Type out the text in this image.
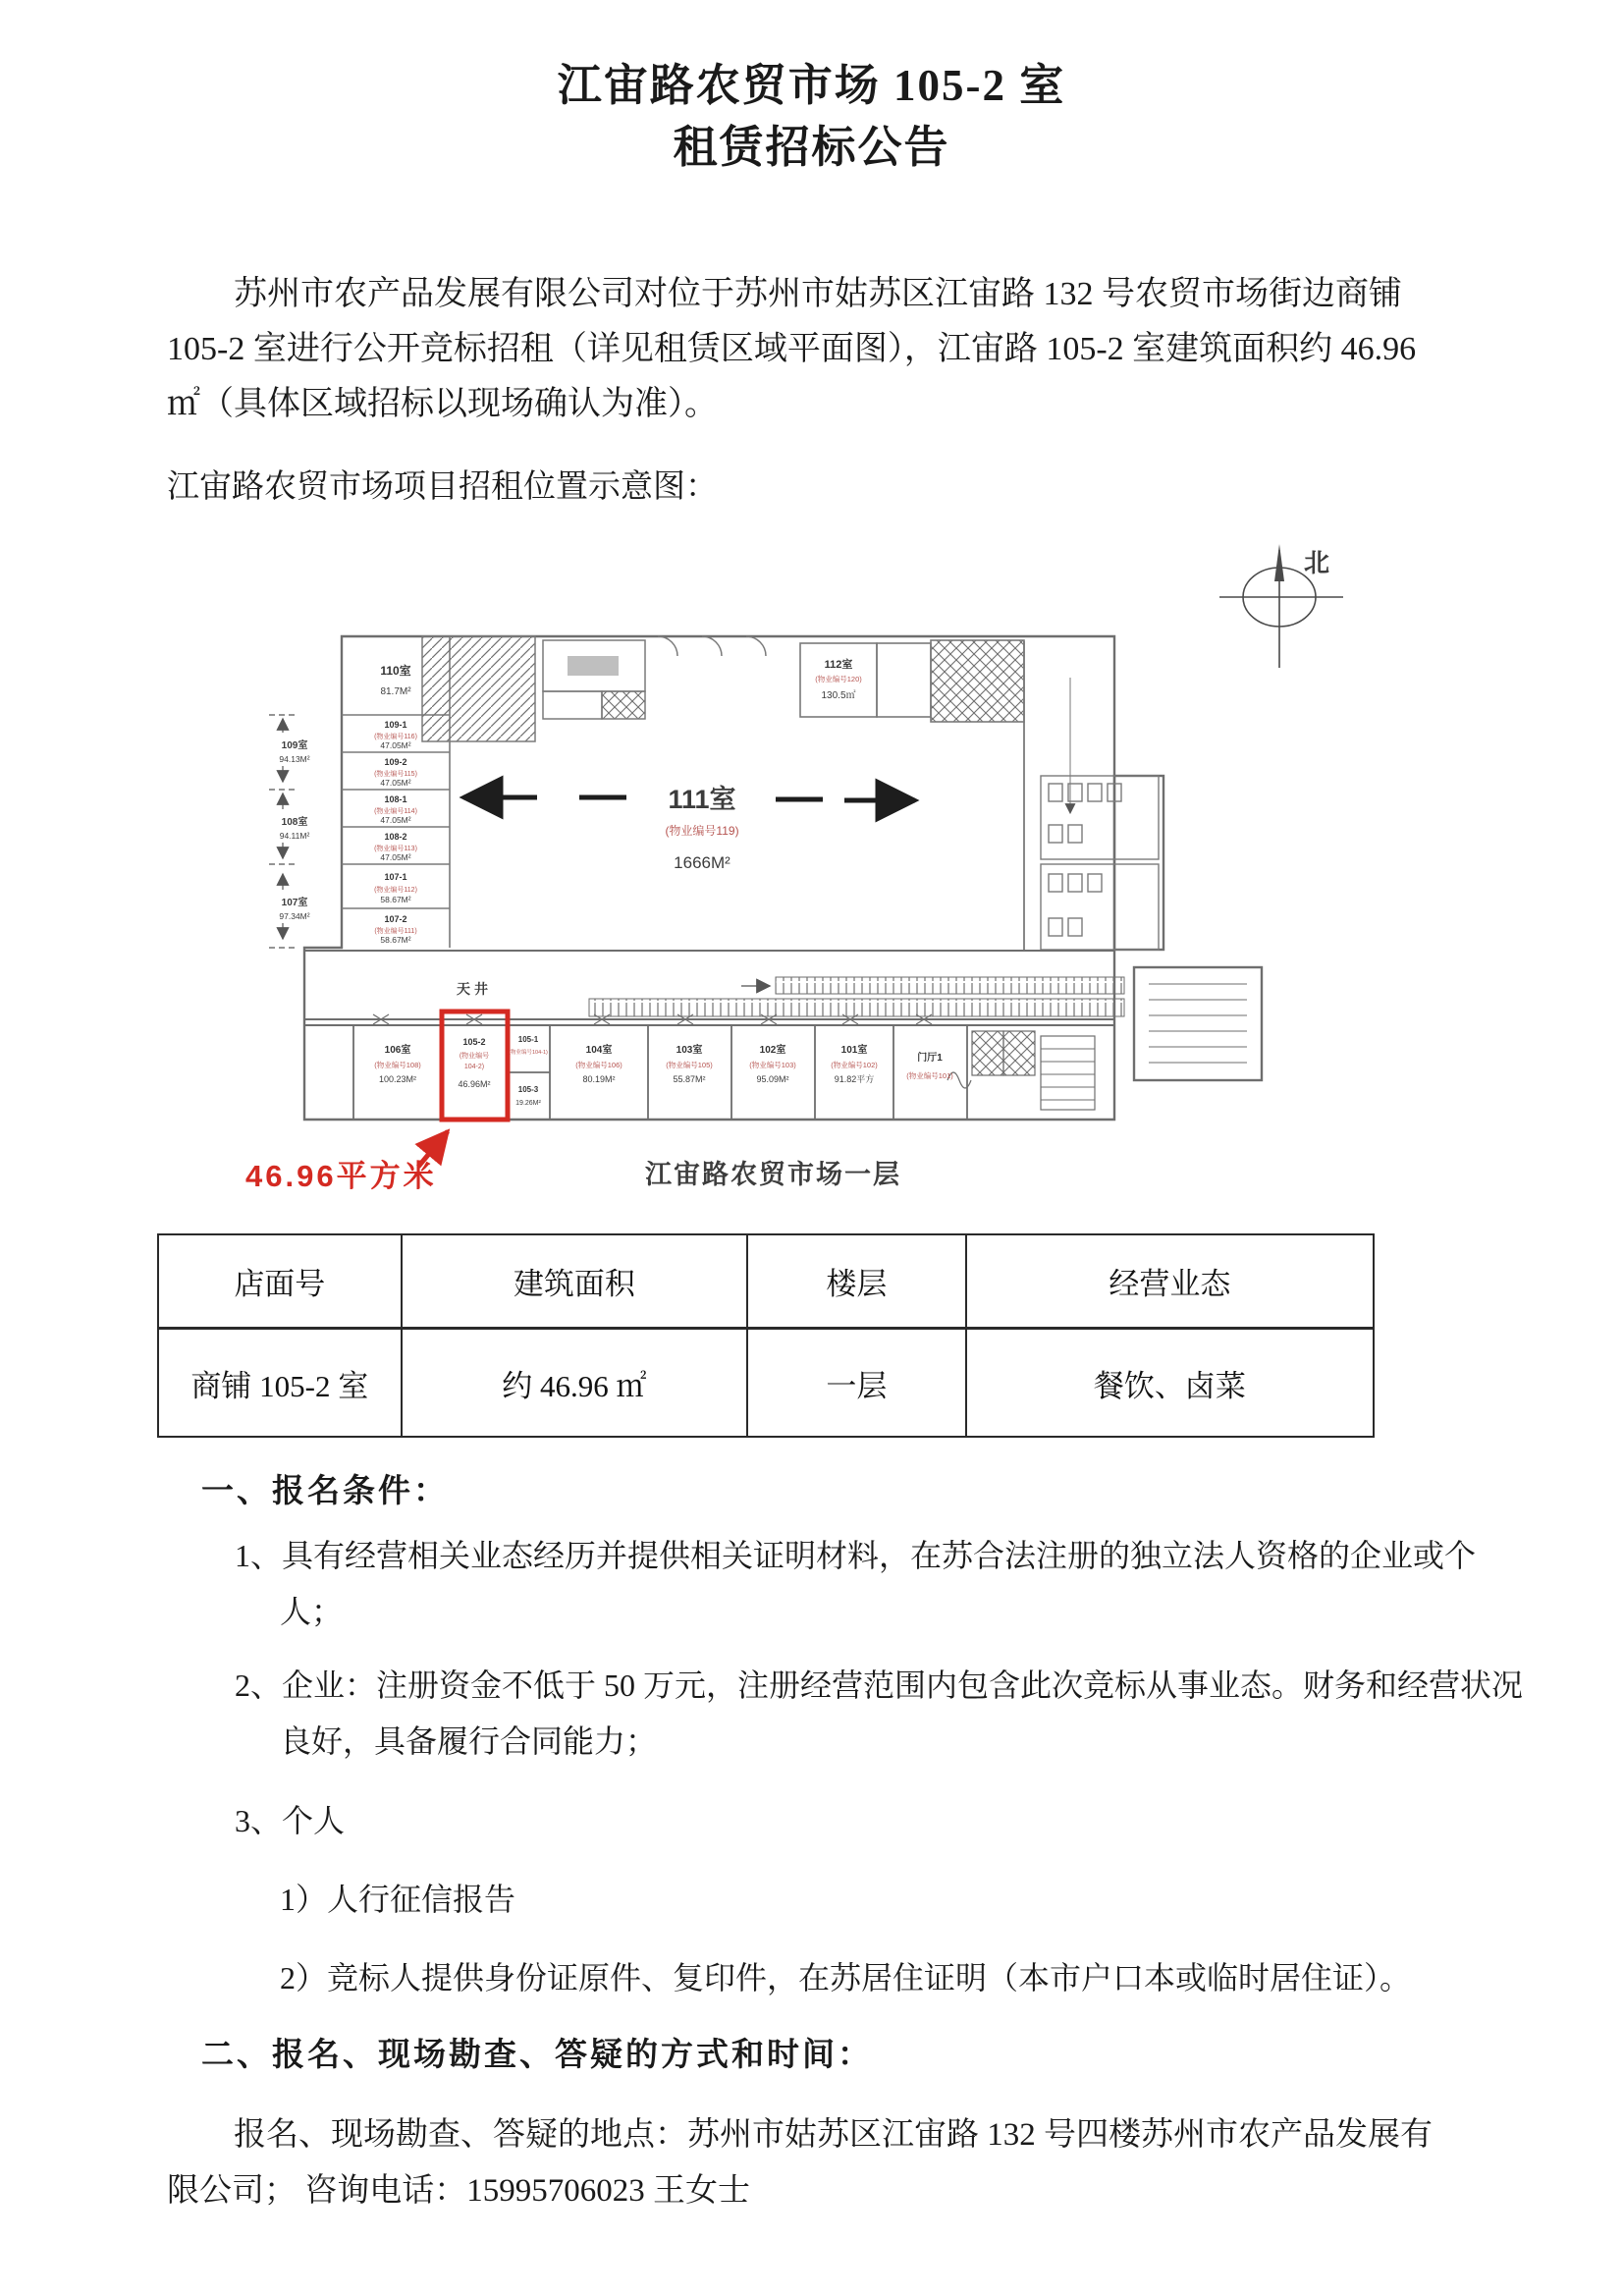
江宙路农贸市场 105-2 室
租赁招标公告
苏州市农产品发展有限公司对位于苏州市姑苏区江宙路 132 号农贸市场街边商铺 105-2 室进行公开竞标招租（详见租赁区域平面图），江宙路 105-2 室建筑面积约 46.96 ㎡（具体区域招标以现场确认为准）。
江宙路农贸市场项目招租位置示意图：
北
112室
(物业编号120)
130.5㎡
111室
(物业编号119)
1666M²
110室
81.7M²
109-1
(物业编号116)
47.05M²
109-2
(物业编号115)
47.05M²
108-1
(物业编号114)
47.05M²
108-2
(物业编号113)
47.05M²
107-1
(物业编号112)
58.67M²
107-2
(物业编号111)
58.67M²
109室
94.13M²
108室
94.11M²
107室
97.34M²
天井
106室
(物业编号108)
100.23M²
105-2
(物业编号
104-2)
46.96M²
105-1
(物业编号104-1)
105-3
19.26M²
104室
(物业编号106)
80.19M²
103室
(物业编号105)
55.87M²
102室
(物业编号103)
95.09M²
101室
(物业编号102)
91.82平方
门厅1
(物业编号101)
46.96平方米	江宙路农贸市场一层
店面号	建筑面积	楼层	经营业态
商铺 105-2 室	约 46.96 ㎡	一层	餐饮、卤菜
一、报名条件：
1、具有经营相关业态经历并提供相关证明材料，在苏合法注册的独立法人资格的企业或个人；
2、企业：注册资金不低于 50 万元，注册经营范围内包含此次竞标从事业态。财务和经营状况良好，具备履行合同能力；
3、个人
1）人行征信报告
2）竞标人提供身份证原件、复印件，在苏居住证明（本市户口本或临时居住证）。
二、报名、现场勘查、答疑的方式和时间：
报名、现场勘查、答疑的地点：苏州市姑苏区江宙路 132 号四楼苏州市农产品发展有限公司； 咨询电话：15995706023 王女士
